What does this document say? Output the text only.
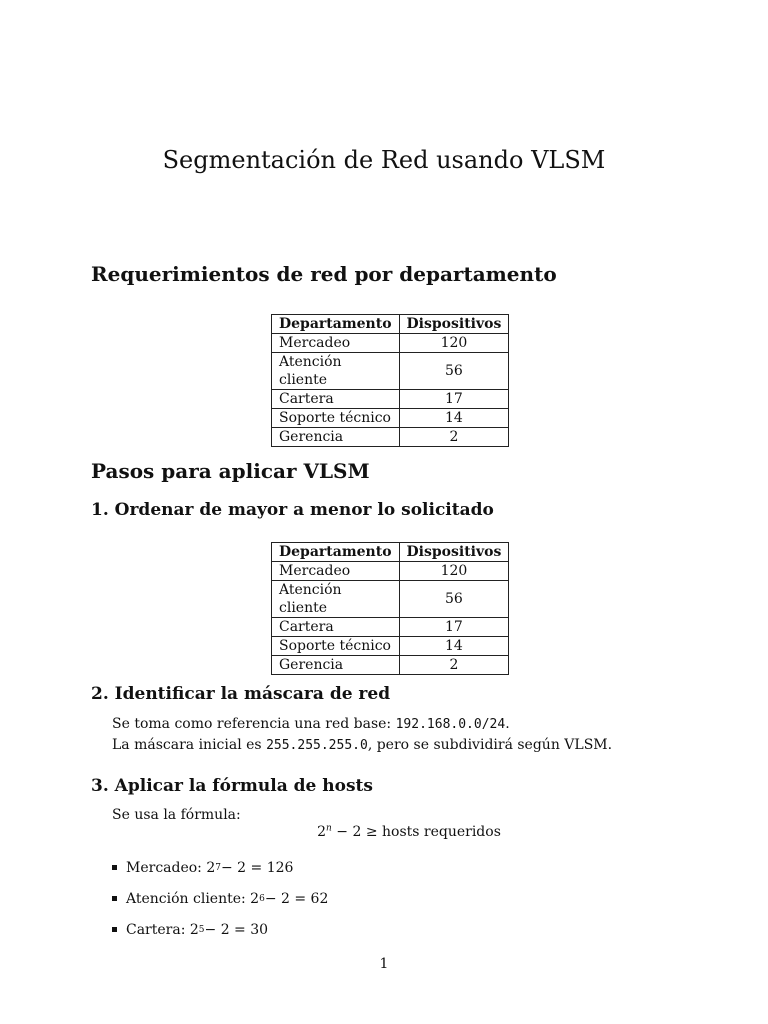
Segmentación de Red usando VLSM
Requerimientos de red por departamento
Departamento	Dispositivos
Mercadeo	120
Atención cliente	56
Cartera	17
Soporte técnico	14
Gerencia	2
Pasos para aplicar VLSM
1. Ordenar de mayor a menor lo solicitado
Departamento	Dispositivos
Mercadeo	120
Atención cliente	56
Cartera	17
Soporte técnico	14
Gerencia	2
2. Identificar la máscara de red

Se toma como referencia una red base: 192.168.0.0/24.
La máscara inicial es 255.255.255.0, pero se subdividirá según VLSM.

3. Aplicar la fórmula de hosts

Se usa la fórmula:

$2^n - 2$ ≥ hosts requeridos
Mercadeo: 2 7 − 2 = 126
Atención cliente: 2 6 − 2 = 62
Cartera: 2 5 − 2 = 30
1
